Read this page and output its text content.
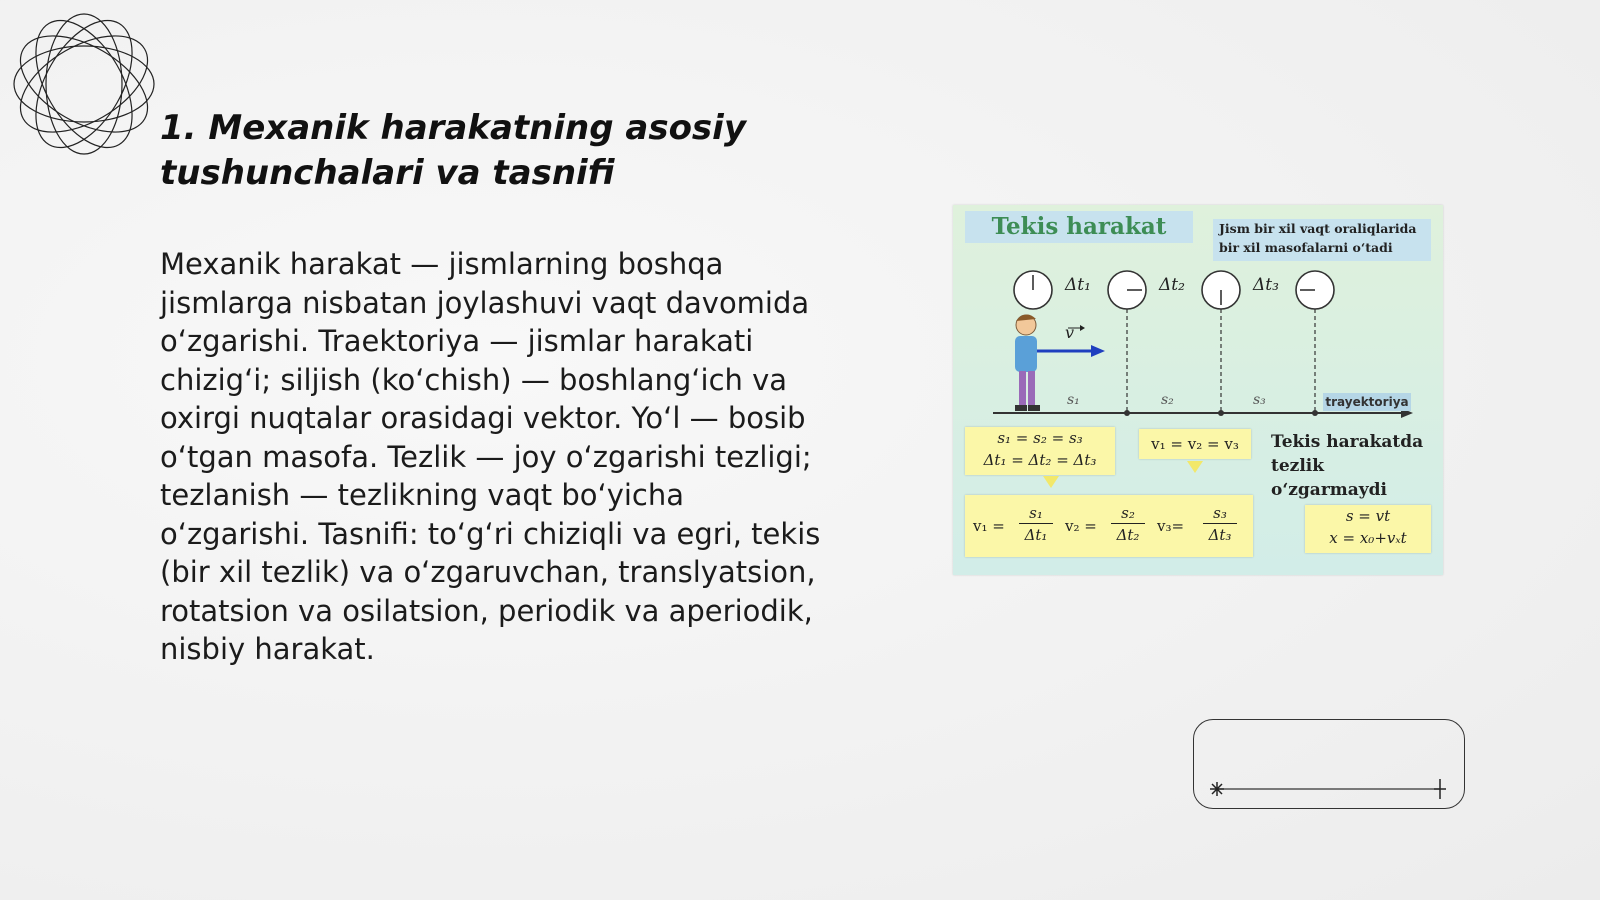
1. Mexanik harakatning asosiy tushunchalari va tasnifi

Mexanik harakat — jismlarning boshqa jismlarga nisbatan joylashuvi vaqt davomida o‘zgarishi. Traektoriya — jismlar harakati chizig‘i; siljish (ko‘chish) — boshlang‘ich va oxirgi nuqtalar orasidagi vektor. Yo‘l — bosib o‘tgan masofa. Tezlik — joy o‘zgarishi tezligi; tezlanish — tezlikning vaqt bo‘yicha o‘zgarishi. Tasnifi: to‘g‘ri chiziqli va egri, tekis (bir xil tezlik) va o‘zgaruvchan, translyatsion, rotatsion va osilatsion, periodik va aperiodik, nisbiy harakat.

Tekis harakat	Jism bir xil vaqt oraliqlarida
bir xil masofalarni o‘tadi
Δt₁	Δt₂	Δt₃
v
s₁	s₂	s₃	trayektoriya
s₁ = s₂ = s₃
Δt₁ = Δt₂ = Δt₃
v₁ = v₂ = v₃
$v_1 = \frac{\text{s₁}}{\text{Δt₁}} v_2 = \frac{\text{s₂}}{\text{Δt₂}} v_3= \frac{\text{s₃}}{\text{Δt₃}}$
Tekis harakatda
tezlik
o‘zgarmaydi
s = vt
x = x₀+vₓt
